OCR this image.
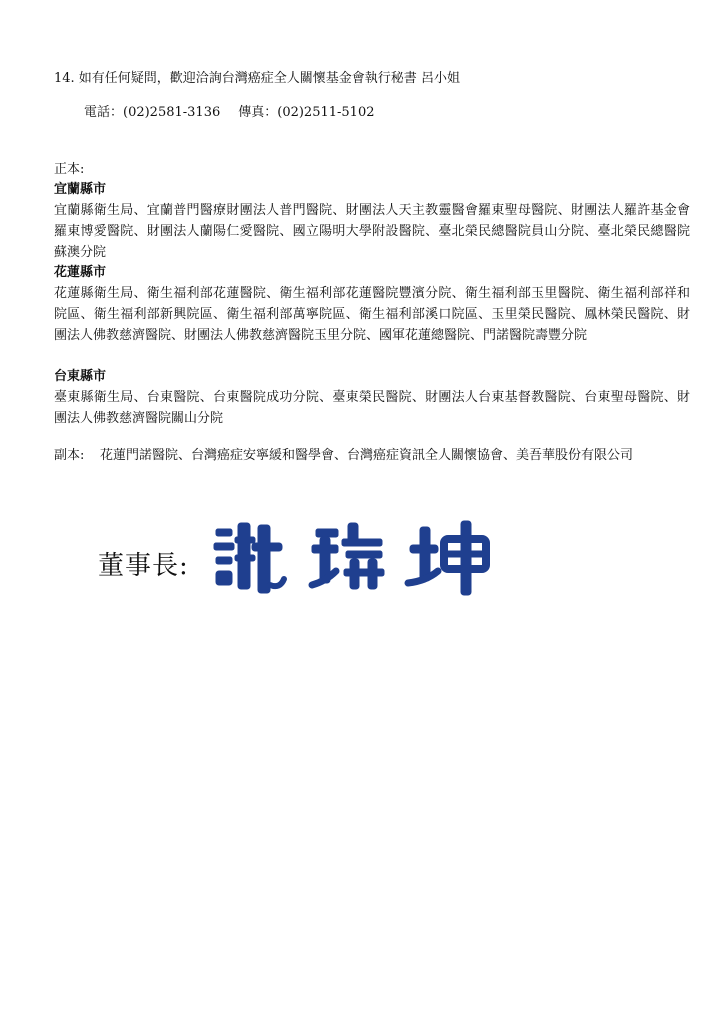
14. 如有任何疑問，歡迎洽詢台灣癌症全人關懷基金會執行秘書 呂小姐
電話：(02)2581-3136 傳真：(02)2511-5102
正本:
宜蘭縣市
宜蘭縣衛生局、宜蘭普門醫療財團法人普門醫院、財團法人天主教靈醫會羅東聖母醫院、財團法人羅許基金會羅東博愛醫院、財團法人蘭陽仁愛醫院、國立陽明大學附設醫院、臺北榮民總醫院員山分院、臺北榮民總醫院蘇澳分院
花蓮縣市
花蓮縣衛生局、衛生福利部花蓮醫院、衛生福利部花蓮醫院豐濱分院、衛生福利部玉里醫院、衛生福利部祥和院區、衛生福利部新興院區、衛生福利部萬寧院區、衛生福利部溪口院區、玉里榮民醫院、鳳林榮民醫院、財團法人佛教慈濟醫院、財團法人佛教慈濟醫院玉里分院、國軍花蓮總醫院、門諾醫院壽豐分院
台東縣市
臺東縣衛生局、台東醫院、台東醫院成功分院、臺東榮民醫院、財團法人台東基督教醫院、台東聖母醫院、財團法人佛教慈濟醫院關山分院
副本: 花蓮門諾醫院、台灣癌症安寧緩和醫學會、台灣癌症資訊全人關懷協會、美吾華股份有限公司
董事長:
